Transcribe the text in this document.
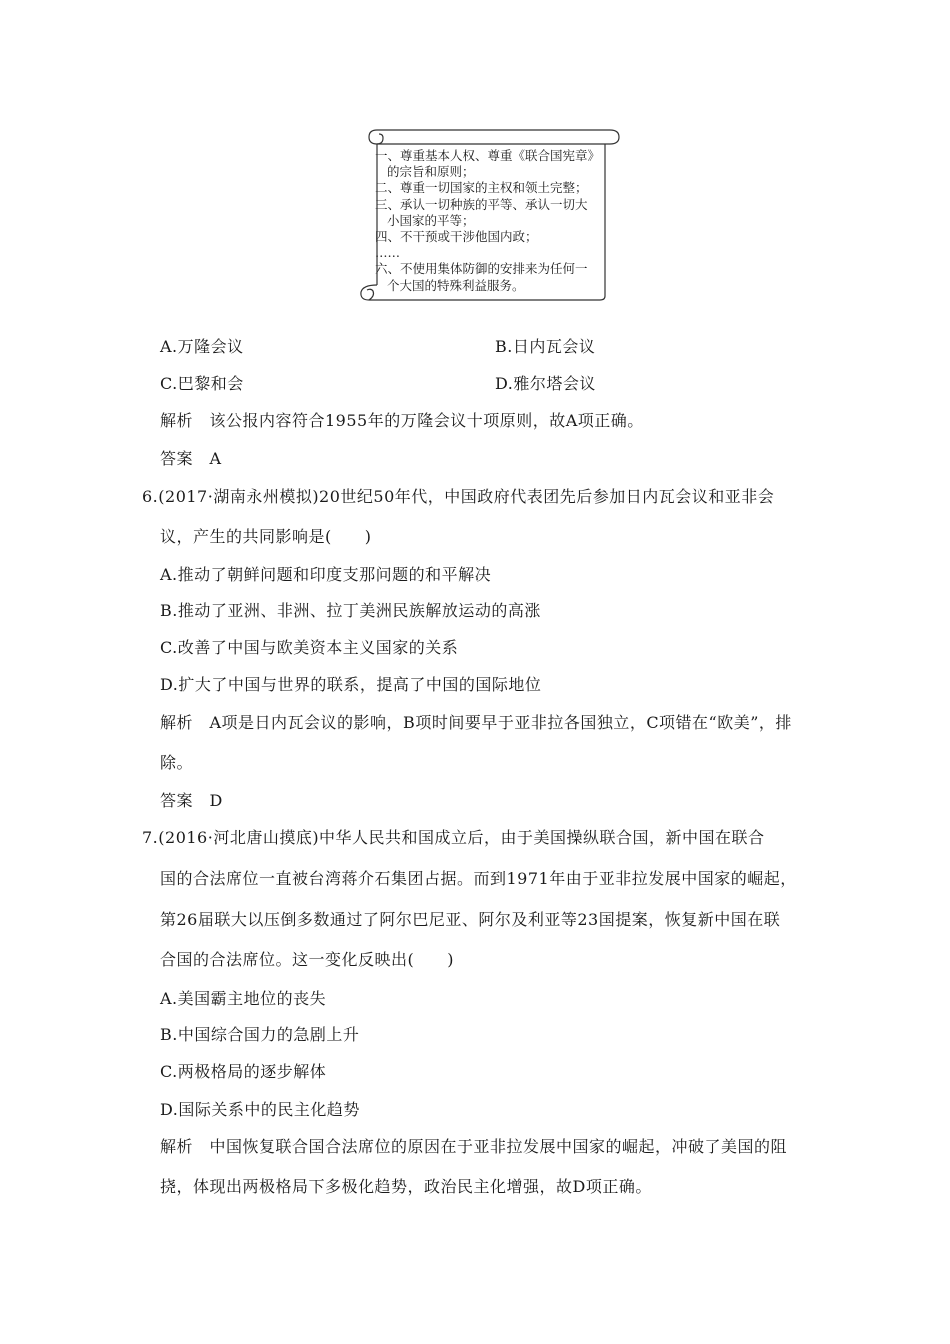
一、尊重基本人权、尊重《联合国宪章》
的宗旨和原则；
二、尊重一切国家的主权和领土完整；
三、承认一切种族的平等、承认一切大
小国家的平等；
四、不干预或干涉他国内政；
……
六、不使用集体防御的安排来为任何一
个大国的特殊利益服务。
A.万隆会议	B.日内瓦会议
C.巴黎和会	D.雅尔塔会议
解析　该公报内容符合1955年的万隆会议十项原则，故A项正确。
答案　A
6.(2017·湖南永州模拟)20世纪50年代，中国政府代表团先后参加日内瓦会议和亚非会
议，产生的共同影响是(　　)
A.推动了朝鲜问题和印度支那问题的和平解决
B.推动了亚洲、非洲、拉丁美洲民族解放运动的高涨
C.改善了中国与欧美资本主义国家的关系
D.扩大了中国与世界的联系，提高了中国的国际地位
解析　A项是日内瓦会议的影响，B项时间要早于亚非拉各国独立，C项错在“欧美”，排
除。
答案　D
7.(2016·河北唐山摸底)中华人民共和国成立后，由于美国操纵联合国，新中国在联合
国的合法席位一直被台湾蒋介石集团占据。而到1971年由于亚非拉发展中国家的崛起，
第26届联大以压倒多数通过了阿尔巴尼亚、阿尔及利亚等23国提案，恢复新中国在联
合国的合法席位。这一变化反映出(　　)
A.美国霸主地位的丧失
B.中国综合国力的急剧上升
C.两极格局的逐步解体
D.国际关系中的民主化趋势
解析　中国恢复联合国合法席位的原因在于亚非拉发展中国家的崛起，冲破了美国的阻
挠，体现出两极格局下多极化趋势，政治民主化增强，故D项正确。
